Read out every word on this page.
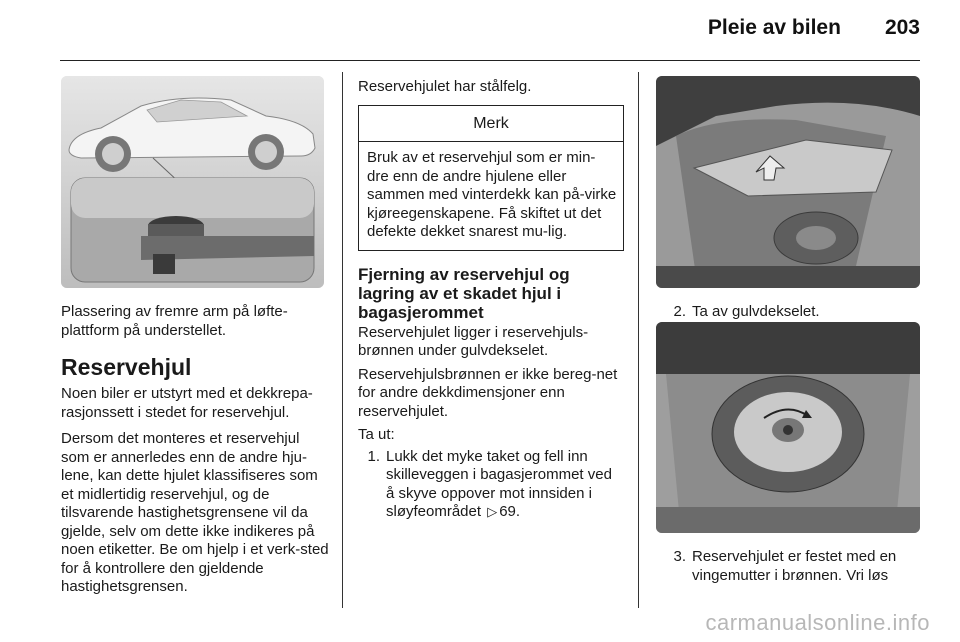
Pleie av bilen 203

Plassering av fremre arm på løfte-plattform på understellet.

Reservehjul

Noen biler er utstyrt med et dekkrepa-rasjonssett i stedet for reservehjul.

Dersom det monteres et reservehjul som er annerledes enn de andre hju-lene, kan dette hjulet klassifiseres som et midlertidig reservehjul, og de tilsvarende hastighetsgrensene vil da gjelde, selv om dette ikke indikeres på noen etiketter. Be om hjelp i et verk-sted for å kontrollere den gjeldende hastighetsgrensen.

Reservehjulet har stålfelg.

Merk
Bruk av et reservehjul som er min-dre enn de andre hjulene eller sammen med vinterdekk kan på-virke kjøreegenskapene. Få skiftet ut det defekte dekket snarest mu-lig.
Fjerning av reservehjul og lagring av et skadet hjul i bagasjerommet

Reservehjulet ligger i reservehjuls-brønnen under gulvdekselet.

Reservehjulsbrønnen er ikke bereg-net for andre dekkdimensjoner enn reservehjulet.

Ta ut:

1. Lukk det myke taket og fell inn skilleveggen i bagasjerommet ved å skyve oppover mot innsiden i sløyfeområdet ▷ 69.
2. Ta av gulvdekselet.
3. Reservehjulet er festet med en vingemutter i brønnen. Vri løs
carmanualsonline.info
